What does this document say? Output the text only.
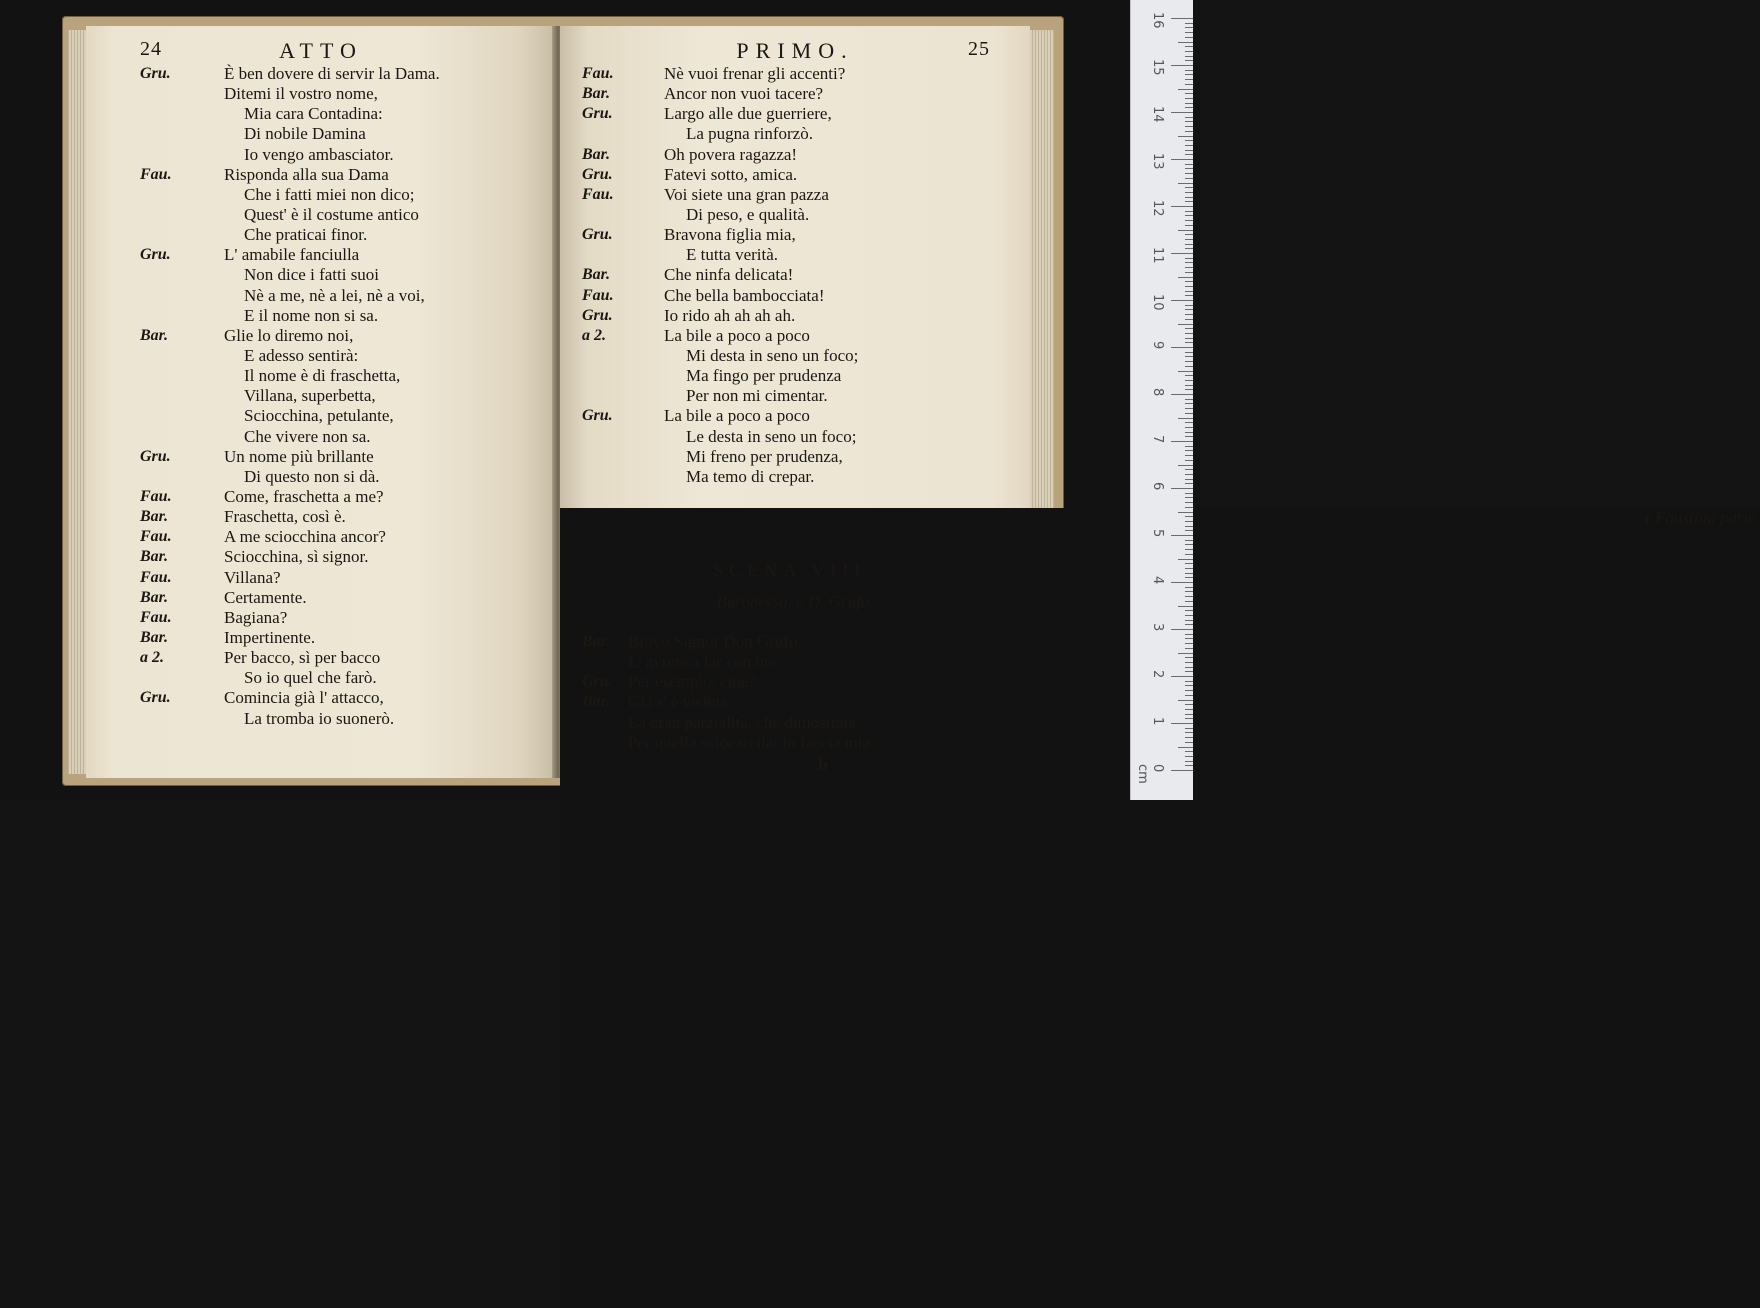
24	ATTO
Gru.	È ben dovere di servir la Dama.
Ditemi il vostro nome,
Mia cara Contadina:
Di nobile Damina
Io vengo ambasciator.
Fau.	Risponda alla sua Dama
Che i fatti miei non dico;
Quest' è il costume antico
Che praticai finor.
Gru.	L' amabile fanciulla
Non dice i fatti suoi
Nè a me, nè a lei, nè a voi,
E il nome non si sa.
Bar.	Glie lo diremo noi,
E adesso sentirà:
Il nome è di fraschetta,
Villana, superbetta,
Sciocchina, petulante,
Che vivere non sa.
Gru.	Un nome più brillante
Di questo non si dà.
Fau.	Come, fraschetta a me?
Bar.	Fraschetta, così è.
Fau.	A me sciocchina ancor?
Bar.	Sciocchina, sì signor.
Fau.	Villana?
Bar.	Certamente.
Fau.	Bagiana?
Bar.	Impertinente.
a 2.	Per bacco, sì per bacco
So io quel che farò.
Gru.	Comincia già l' attacco,
La tromba io suonerò.
PRIMO.	25
Fau.	Nè vuoi frenar gli accenti?
Bar.	Ancor non vuoi tacere?
Gru.	Largo alle due guerriere,
La pugna rinforzò.
Bar.	Oh povera ragazza!
Gru.	Fatevi sotto, amica.
Fau.	Voi siete una gran pazza
Di peso, e qualità.
Gru.	Bravona figlia mia,
E tutta verità.
Bar.	Che ninfa delicata!
Fau.	Che bella bambocciata!
Gru.	Io rido ah ah ah ah.
a 2.	La bile a poco a poco
Mi desta in seno un foco;
Ma fingo per prudenza
Per non mi cimentar.
Gru.	La bile a poco a poco
Le desta in seno un foco;
Mi freno per prudenza,
Ma temo di crepar.
( Faustina parte.
SCENA VIII.
Baronessa, e D. Grufo.
Bar. Bravo Signor Don Grufo,
L' avrete a far con me.
Gru. Per esempio, cioè?
Bar. Già s' è veduta
La gran parzialità, che dimostrate
Per quella sciocarella: in faccia mia...
b
16
15
14
13
12
11
10
9
8
7
6
5
4
3
2
1
0 cm
